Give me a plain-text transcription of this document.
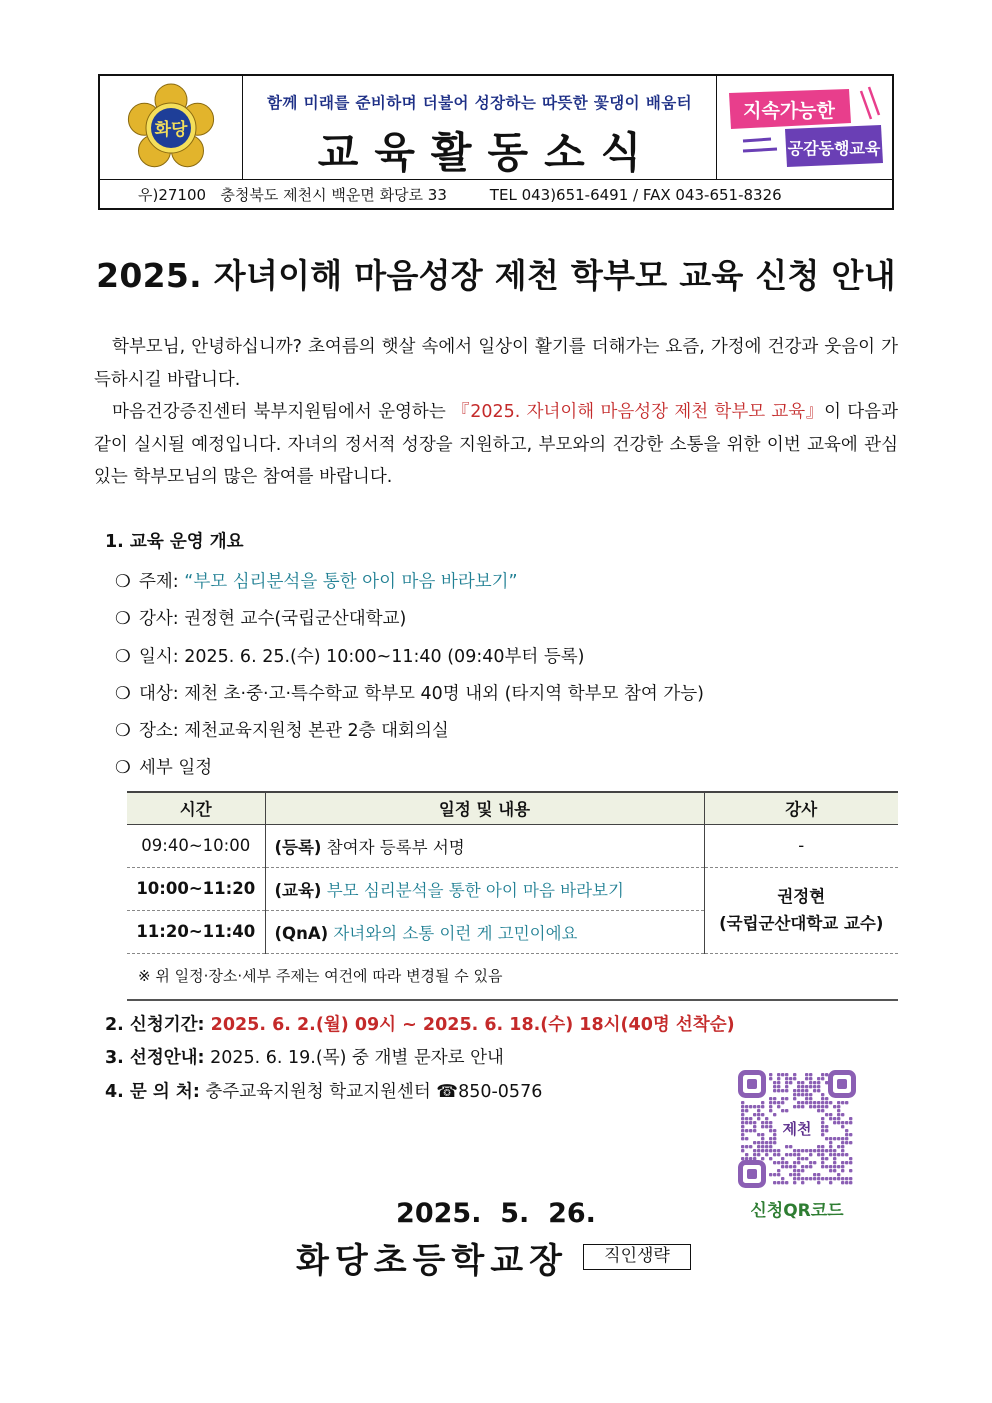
화당
함께 미래를 준비하며 더불어 성장하는 따뜻한 꽃댕이 배움터
교육활동소식
지속가능한
공감동행교육
우)27100   충청북도 제천시 백운면 화당로 33         TEL 043)651-6491 / FAX 043-651-8326
2025. 자녀이해 마음성장 제천 학부모 교육 신청 안내
학부모님, 안녕하십니까? 초여름의 햇살 속에서 일상이 활기를 더해가는 요즘, 가정에 건강과 웃음이 가득하시길 바랍니다.
마음건강증진센터 북부지원팀에서 운영하는 『2025. 자녀이해 마음성장 제천 학부모 교육』이 다음과 같이 실시될 예정입니다. 자녀의 정서적 성장을 지원하고, 부모와의 건강한 소통을 위한 이번 교육에 관심 있는 학부모님의 많은 참여를 바랍니다.
1. 교육 운영 개요
❍ 주제: “부모 심리분석을 통한 아이 마음 바라보기”
❍ 강사: 권정현 교수(국립군산대학교)
❍ 일시: 2025. 6. 25.(수) 10:00~11:40 (09:40부터 등록)
❍ 대상: 제천 초·중·고·특수학교 학부모 40명 내외 (타지역 학부모 참여 가능)
❍ 장소: 제천교육지원청 본관 2층 대회의실
❍ 세부 일정
시간	일정 및 내용	강사
09:40~10:00	(등록) 참여자 등록부 서명	-
10:00~11:20	(교육) 부모 심리분석을 통한 아이 마음 바라보기	권정현
(국립군산대학교 교수)

11:20~11:40	(QnA) 자녀와의 소통 이런 게 고민이에요	
※ 위 일정·장소·세부 주제는 여건에 따라 변경될 수 있음
2. 신청기간: 2025. 6. 2.(월) 09시 ~ 2025. 6. 18.(수) 18시(40명 선착순)
3. 선정안내: 2025. 6. 19.(목) 중 개별 문자로 안내
4. 문 의 처: 충주교육지원청 학교지원센터 ☎850-0576
제천
신청QR코드
2025.  5.  26.
화당초등학교장	직인생략
